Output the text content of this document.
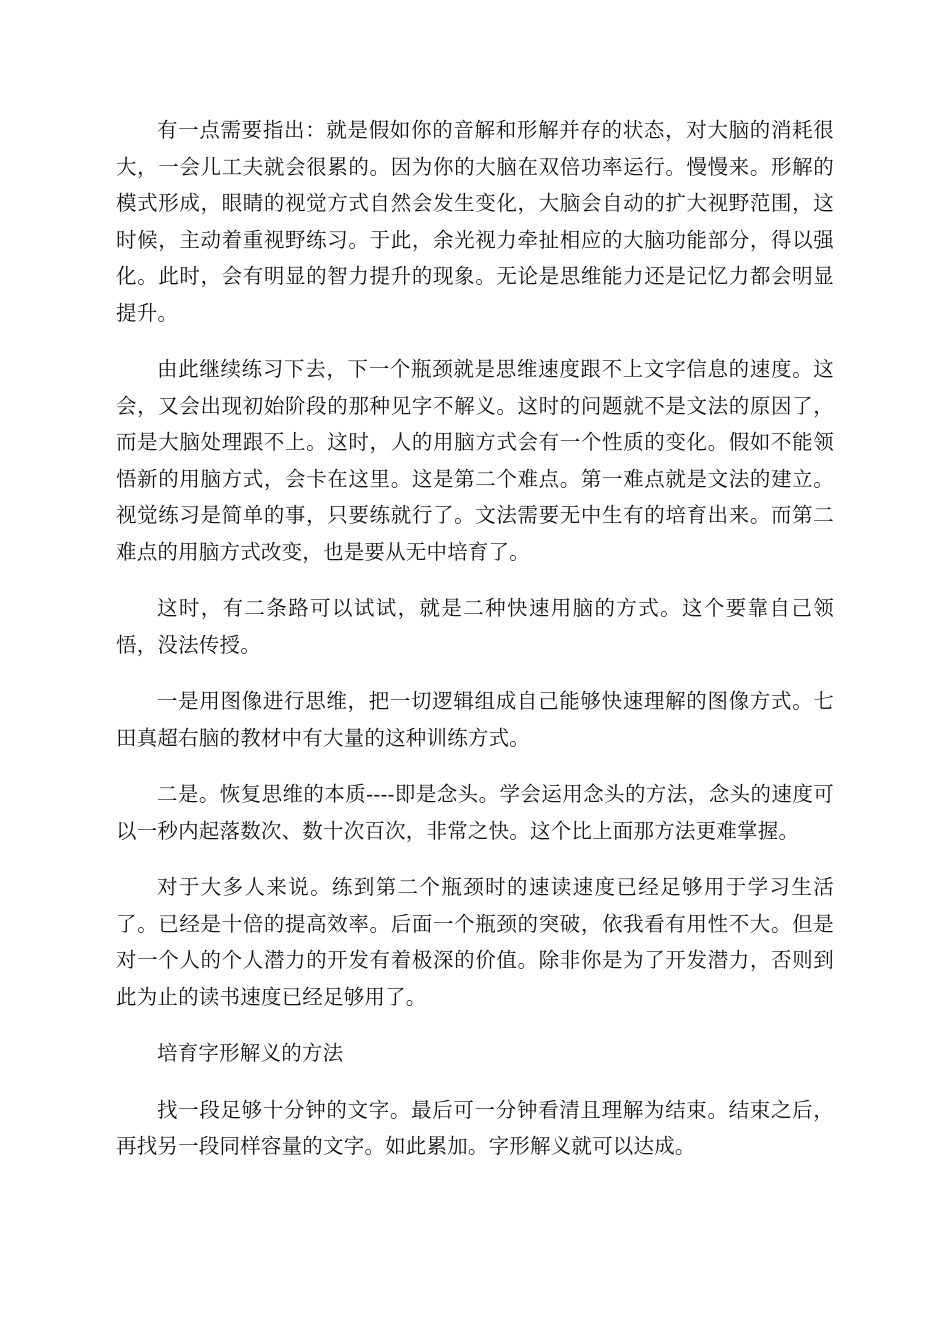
有一点需要指出：就是假如你的音解和形解并存的状态，对大脑的消耗很大，一会儿工夫就会很累的。因为你的大脑在双倍功率运行。慢慢来。形解的模式形成，眼睛的视觉方式自然会发生变化，大脑会自动的扩大视野范围，这时候，主动着重视野练习。于此，余光视力牵扯相应的大脑功能部分，得以强化。此时，会有明显的智力提升的现象。无论是思维能力还是记忆力都会明显提升。

由此继续练习下去，下一个瓶颈就是思维速度跟不上文字信息的速度。这会，又会出现初始阶段的那种见字不解义。这时的问题就不是文法的原因了，而是大脑处理跟不上。这时，人的用脑方式会有一个性质的变化。假如不能领悟新的用脑方式，会卡在这里。这是第二个难点。第一难点就是文法的建立。视觉练习是简单的事，只要练就行了。文法需要无中生有的培育出来。而第二难点的用脑方式改变，也是要从无中培育了。

这时，有二条路可以试试，就是二种快速用脑的方式。这个要靠自己领悟，没法传授。

一是用图像进行思维，把一切逻辑组成自己能够快速理解的图像方式。七田真超右脑的教材中有大量的这种训练方式。

二是。恢复思维的本质----即是念头。学会运用念头的方法，念头的速度可以一秒内起落数次、数十次百次，非常之快。这个比上面那方法更难掌握。

对于大多人来说。练到第二个瓶颈时的速读速度已经足够用于学习生活了。已经是十倍的提高效率。后面一个瓶颈的突破，依我看有用性不大。但是对一个人的个人潜力的开发有着极深的价值。除非你是为了开发潜力，否则到此为止的读书速度已经足够用了。

培育字形解义的方法

找一段足够十分钟的文字。最后可一分钟看清且理解为结束。结束之后，再找另一段同样容量的文字。如此累加。字形解义就可以达成。
